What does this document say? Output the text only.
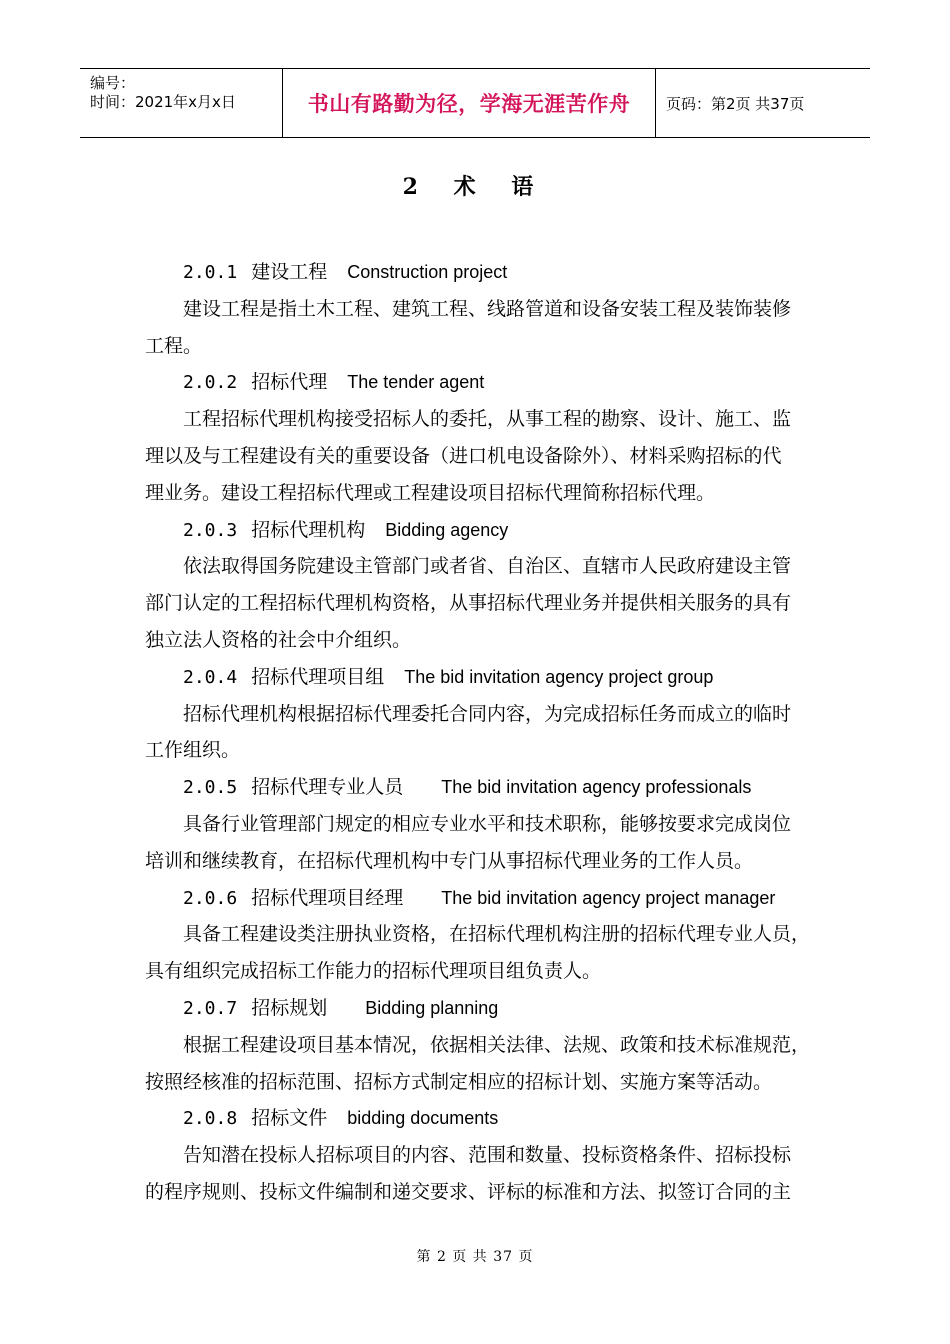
编号：
时间：2021年x月x日	书山有路勤为径，学海无涯苦作舟 页码：第2页 共37页
2 术 语
2.0.1 建设工程 Construction project
建设工程是指土木工程、建筑工程、线路管道和设备安装工程及装饰装修
工程。
2.0.2 招标代理 The tender agent
工程招标代理机构接受招标人的委托，从事工程的勘察、设计、施工、监
理以及与工程建设有关的重要设备（进口机电设备除外）、材料采购招标的代
理业务。建设工程招标代理或工程建设项目招标代理简称招标代理。
2.0.3 招标代理机构 Bidding agency
依法取得国务院建设主管部门或者省、自治区、直辖市人民政府建设主管
部门认定的工程招标代理机构资格，从事招标代理业务并提供相关服务的具有
独立法人资格的社会中介组织。
2.0.4 招标代理项目组 The bid invitation agency project group
招标代理机构根据招标代理委托合同内容，为完成招标任务而成立的临时
工作组织。
2.0.5 招标代理专业人员 The bid invitation agency professionals
具备行业管理部门规定的相应专业水平和技术职称，能够按要求完成岗位
培训和继续教育，在招标代理机构中专门从事招标代理业务的工作人员。
2.0.6 招标代理项目经理 The bid invitation agency project manager
具备工程建设类注册执业资格，在招标代理机构注册的招标代理专业人员，
具有组织完成招标工作能力的招标代理项目组负责人。
2.0.7 招标规划 Bidding planning
根据工程建设项目基本情况，依据相关法律、法规、政策和技术标准规范，
按照经核准的招标范围、招标方式制定相应的招标计划、实施方案等活动。
2.0.8 招标文件 bidding documents
告知潜在投标人招标项目的内容、范围和数量、投标资格条件、招标投标
的程序规则、投标文件编制和递交要求、评标的标准和方法、拟签订合同的主
第 2 页 共 37 页
